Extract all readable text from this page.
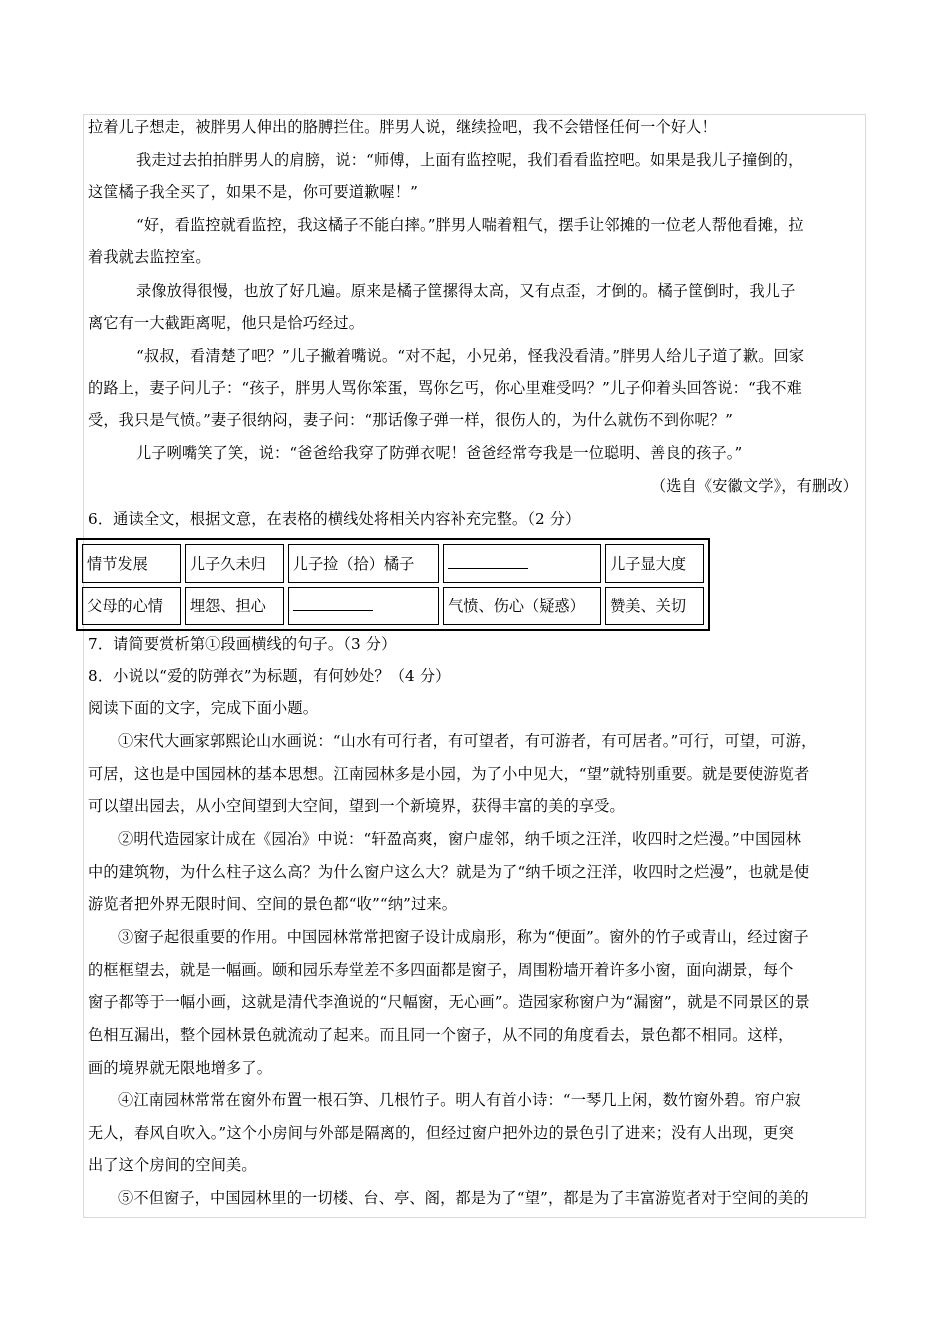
拉着儿子想走，被胖男人伸出的胳膊拦住。胖男人说，继续捡吧，我不会错怪任何一个好人！
我走过去拍拍胖男人的肩膀，说：“师傅，上面有监控呢，我们看看监控吧。如果是我儿子撞倒的，
这筐橘子我全买了，如果不是，你可要道歉喔！”
“好，看监控就看监控，我这橘子不能白摔。”胖男人喘着粗气，摆手让邻摊的一位老人帮他看摊，拉
着我就去监控室。
录像放得很慢，也放了好几遍。原来是橘子筐摞得太高，又有点歪，才倒的。橘子筐倒时，我儿子
离它有一大截距离呢，他只是恰巧经过。
“叔叔，看清楚了吧？”儿子撇着嘴说。“对不起，小兄弟，怪我没看清。”胖男人给儿子道了歉。回家
的路上，妻子问儿子：“孩子，胖男人骂你笨蛋，骂你乞丐，你心里难受吗？”儿子仰着头回答说：“我不难
受，我只是气愤。”妻子很纳闷，妻子问：“那话像子弹一样，很伤人的，为什么就伤不到你呢？”
儿子咧嘴笑了笑，说：“爸爸给我穿了防弹衣呢！爸爸经常夸我是一位聪明、善良的孩子。”
（选自《安徽文学》，有删改）
6．通读全文，根据文意，在表格的横线处将相关内容补充完整。（2 分）
情节发展	儿子久未归	儿子捡（拾）橘子		儿子显大度
父母的心情	埋怨、担心		气愤、伤心（疑惑）	赞美、关切
7．请简要赏析第①段画横线的句子。（3 分）
8．小说以“爱的防弹衣”为标题，有何妙处？（4 分）
阅读下面的文字，完成下面小题。
①宋代大画家郭熙论山水画说：“山水有可行者，有可望者，有可游者，有可居者。”可行，可望，可游，
可居，这也是中国园林的基本思想。江南园林多是小园，为了小中见大，“望”就特别重要。就是要使游览者
可以望出园去，从小空间望到大空间，望到一个新境界，获得丰富的美的享受。
②明代造园家计成在《园冶》中说：“轩盈高爽，窗户虚邻，纳千顷之汪洋，收四时之烂漫。”中国园林
中的建筑物，为什么柱子这么高？为什么窗户这么大？就是为了“纳千顷之汪洋，收四时之烂漫”，也就是使
游览者把外界无限时间、空间的景色都“收”“纳”过来。
③窗子起很重要的作用。中国园林常常把窗子设计成扇形，称为“便面”。窗外的竹子或青山，经过窗子
的框框望去，就是一幅画。颐和园乐寿堂差不多四面都是窗子，周围粉墙开着许多小窗，面向湖景，每个
窗子都等于一幅小画，这就是清代李渔说的“尺幅窗，无心画”。造园家称窗户为“漏窗”，就是不同景区的景
色相互漏出，整个园林景色就流动了起来。而且同一个窗子，从不同的角度看去，景色都不相同。这样，
画的境界就无限地增多了。
④江南园林常常在窗外布置一根石笋、几根竹子。明人有首小诗：“一琴几上闲，数竹窗外碧。帘户寂
无人，春风自吹入。”这个小房间与外部是隔离的，但经过窗户把外边的景色引了进来；没有人出现，更突
出了这个房间的空间美。
⑤不但窗子，中国园林里的一切楼、台、亭、阁，都是为了“望”，都是为了丰富游览者对于空间的美的
